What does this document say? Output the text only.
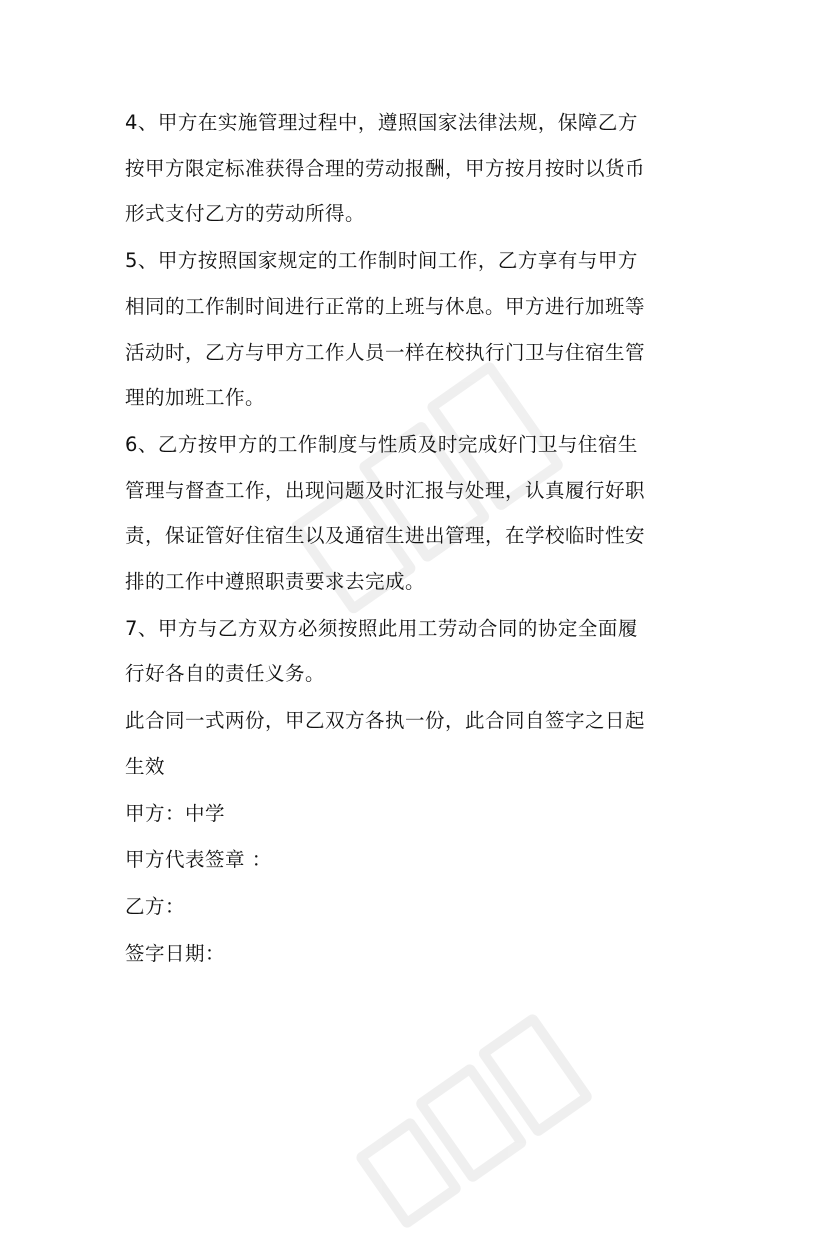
4、甲方在实施管理过程中，遵照国家法律法规，保障乙方
按甲方限定标准获得合理的劳动报酬，甲方按月按时以货币
形式支付乙方的劳动所得。

5、甲方按照国家规定的工作制时间工作，乙方享有与甲方
相同的工作制时间进行正常的上班与休息。甲方进行加班等
活动时，乙方与甲方工作人员一样在校执行门卫与住宿生管
理的加班工作。

6、乙方按甲方的工作制度与性质及时完成好门卫与住宿生
管理与督查工作，出现问题及时汇报与处理，认真履行好职
责，保证管好住宿生以及通宿生进出管理，在学校临时性安
排的工作中遵照职责要求去完成。

7、甲方与乙方双方必须按照此用工劳动合同的协定全面履
行好各自的责任义务。

此合同一式两份，甲乙双方各执一份，此合同自签字之日起
生效

甲方：中学

甲方代表签章 ：

乙方：

签字日期：
